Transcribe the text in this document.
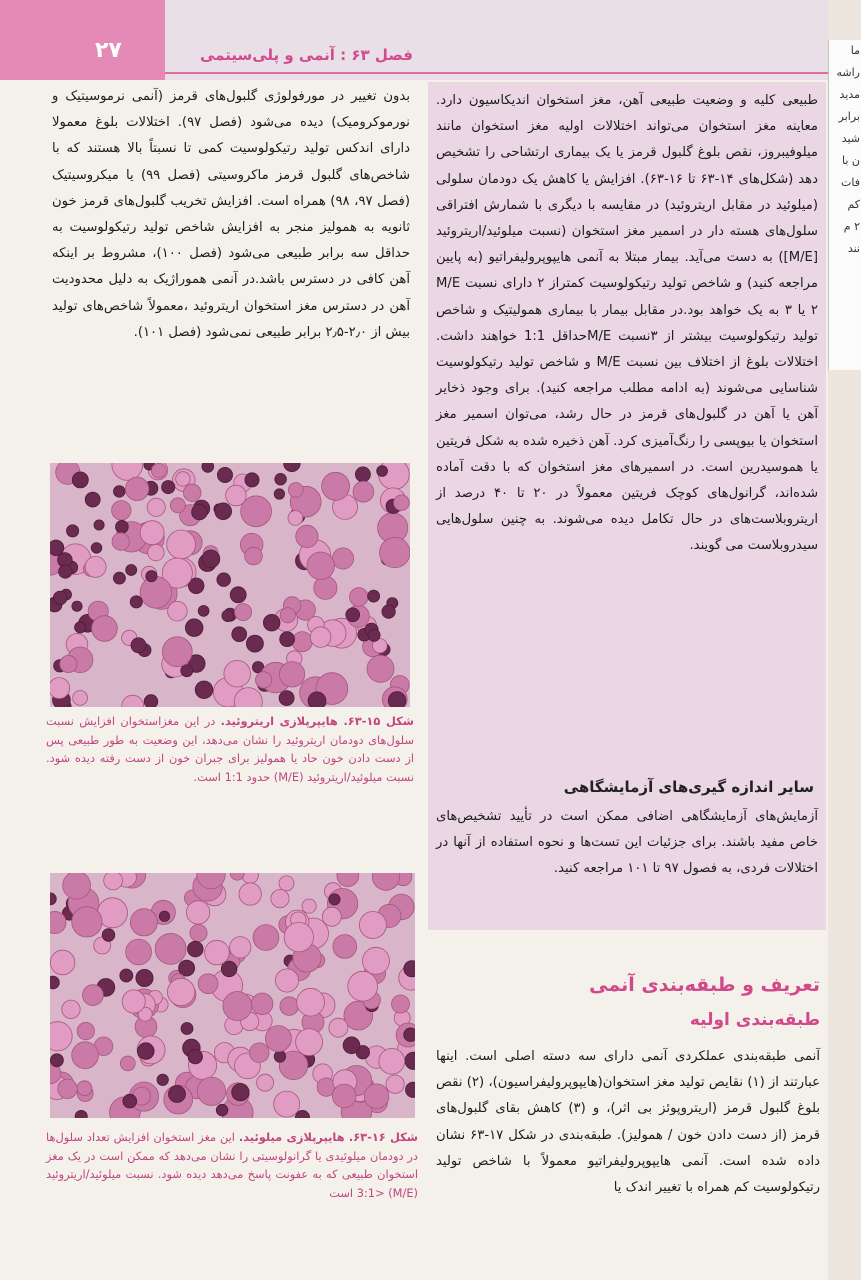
۲۷	فصل ۶۳ : آنمی و پلی‌سیتمی
بدون تغییر در مورفولوژی گلبول‌های قرمز (آنمی نرموسیتیک و نورموکرومیک) دیده می‌شود (فصل ۹۷). اختلالات بلوغ معمولا دارای اندکس تولید رتیکولوسیت کمی تا نسبتاً بالا هستند که با شاخص‌های گلبول قرمز ماکروسیتی (فصل ۹۹) یا میکروسیتیک (فصل ۹۷، ۹۸) همراه است. افزایش تخریب گلبول‌های قرمز خون ثانویه به همولیز منجر به افزایش شاخص تولید رتیکولوسیت به حداقل سه برابر طبیعی می‌شود (فصل ۱۰۰)، مشروط بر اینکه آهن کافی در دسترس باشد.در آنمی هموراژیک به دلیل محدودیت آهن در دسترس مغز استخوان اریتروئید ،معمولاً شاخص‌های تولید بیش از ۲٫۰-۲٫۵ برابر طبیعی نمی‌شود (فصل ۱۰۱).
طبیعی کلیه و وضعیت طبیعی آهن، مغز استخوان اندیکاسیون دارد. معاینه مغز استخوان می‌تواند اختلالات اولیه مغز استخوان مانند میلوفیبروز، نقص بلوغ گلبول قرمز یا یک بیماری ارتشاحی را تشخیص دهد (شکل‌های ۱۴-۶۳ تا ۱۶-۶۳). افزایش یا کاهش یک دودمان سلولی (میلوئید در مقابل اریتروئید) در مقایسه با دیگری با شمارش افتراقی سلول‌های هسته دار در اسمیر مغز استخوان (نسبت میلوئید/اریتروئید [M/E]) به دست می‌آید. بیمار مبتلا به آنمی هایپوپرولیفراتیو (به پایین مراجعه کنید) و شاخص تولید رتیکولوسیت کمتراز ۲ دارای نسبت M/E ۲ یا ۳ به یک خواهد بود.در مقابل بیمار با بیماری همولیتیک و شاخص تولید رتیکولوسیت بیشتر از ۳نسبت M/Eحداقل 1:1 خواهند داشت. اختلالات بلوغ از اختلاف بین نسبت M/E و شاخص تولید رتیکولوسیت شناسایی می‌شوند (به ادامه مطلب مراجعه کنید). برای وجود ذخایر آهن یا آهن در گلبول‌های قرمز در حال رشد، می‌توان اسمیر مغز استخوان یا بیوپسی را رنگ‌آمیزی کرد. آهن ذخیره شده به شکل فریتین یا هموسیدرین است. در اسمیرهای مغز استخوان که با دقت آماده شده‌اند، گرانول‌های کوچک فریتین معمولاً در ۲۰ تا ۴۰ درصد از اریتروبلاست‌های در حال تکامل دیده می‌شوند. به چنین سلول‌هایی سیدروبلاست می گویند.
سایر اندازه گیری‌های آزمایشگاهی
آزمایش‌های آزمایشگاهی اضافی ممکن است در تأیید تشخیص‌های خاص مفید باشند. برای جزئیات این تست‌ها و نحوه استفاده از آنها در اختلالات فردی، به فصول ۹۷ تا ۱۰۱ مراجعه کنید.
شکل ۱۵-۶۳. هایپرپلازی اریتروئید. در این مغزاستخوان افزایش نسبت سلول‌های دودمان اریتروئید را نشان می‌دهد، این وضعیت به طور طبیعی پس از دست دادن خون حاد یا همولیز برای جبران خون از دست رفته دیده شود. نسبت میلوئید/اریتروئید (M/E) حدود 1:1 است.
شکل ۱۶-۶۳. هایپرپلازی میلوئید. این مغز استخوان افزایش تعداد سلول‌ها در دودمان میلوئیدی یا گرانولوسیتی را نشان می‌دهد که ممکن است در یک مغز استخوان طبیعی که به عفونت پاسخ می‌دهد دیده شود. نسبت میلوئید/اریتروئید (M/E) <3:1 است
تعریف و طبقه‌بندی آنمی
طبقه‌بندی اولیه
آنمی طبقه‌بندی عملکردی آنمی دارای سه دسته اصلی است. اینها عبارتند از (۱) نقایص تولید مغز استخوان(هایپوپرولیفراسیون)، (۲) نقص بلوغ گلبول قرمز (اریتروپوئز بی اثر)، و (۳) کاهش بقای گلبول‌های قرمز (از دست دادن خون / همولیز). طبقه‌بندی در شکل ۱۷-۶۳ نشان داده شده است. آنمی هایپوپرولیفراتیو معمولاً با شاخص تولید رتیکولوسیت کم همراه با تغییر اندک یا
ما
راشه
مدید
برابر
شید
ن‌ با
فات
کم
۲ م
نند
